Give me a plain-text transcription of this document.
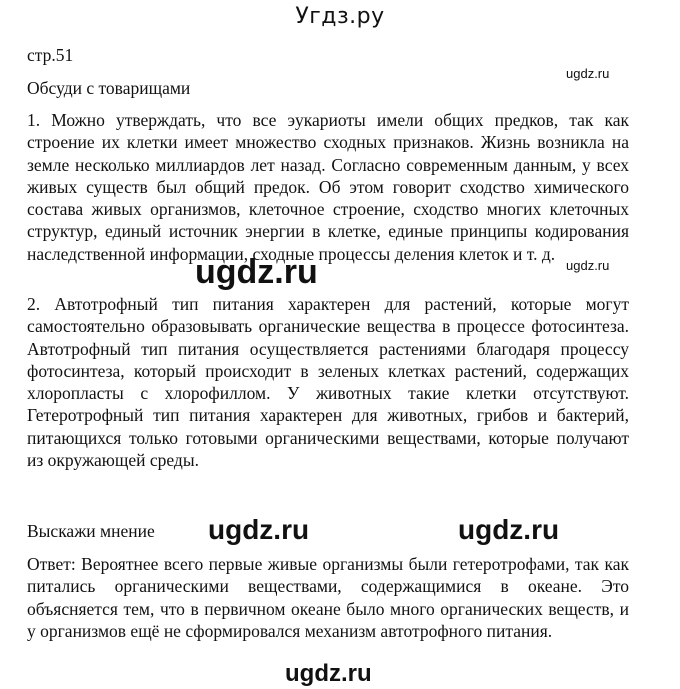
Угдз.ру
стр.51
Обсуди с товарищами
ugdz.ru
1. Можно утверждать, что все эукариоты имели общих предков, так как строение их клетки имеет множество сходных признаков. Жизнь возникла на земле несколько миллиардов лет назад. Согласно современным данным, у всех живых существ был общий предок. Об этом говорит сходство химического состава живых организмов, клеточное строение, сходство многих клеточных структур, единый источник энергии в клетке, единые принципы кодирования наследственной информации, сходные процессы деления клеток и т. д.
ugdz.ru
ugdz.ru
2. Автотрофный тип питания характерен для растений, которые могут самостоятельно образовывать органические вещества в процессе фотосинтеза. Автотрофный тип питания осуществляется растениями благодаря процессу фотосинтеза, который происходит в зеленых клетках растений, содержащих хлоропласты с хлорофиллом. У животных такие клетки отсутствуют. Гетеротрофный тип питания характерен для животных, грибов и бактерий, питающихся только готовыми органическими веществами, которые получают из окружающей среды.
Выскажи мнение ugdz.ru	ugdz.ru
Ответ: Вероятнее всего первые живые организмы были гетеротрофами, так как питались органическими веществами, содержащимися в океане. Это объясняется тем, что в первичном океане было много органических веществ, и у организмов ещё не сформировался механизм автотрофного питания.
ugdz.ru
